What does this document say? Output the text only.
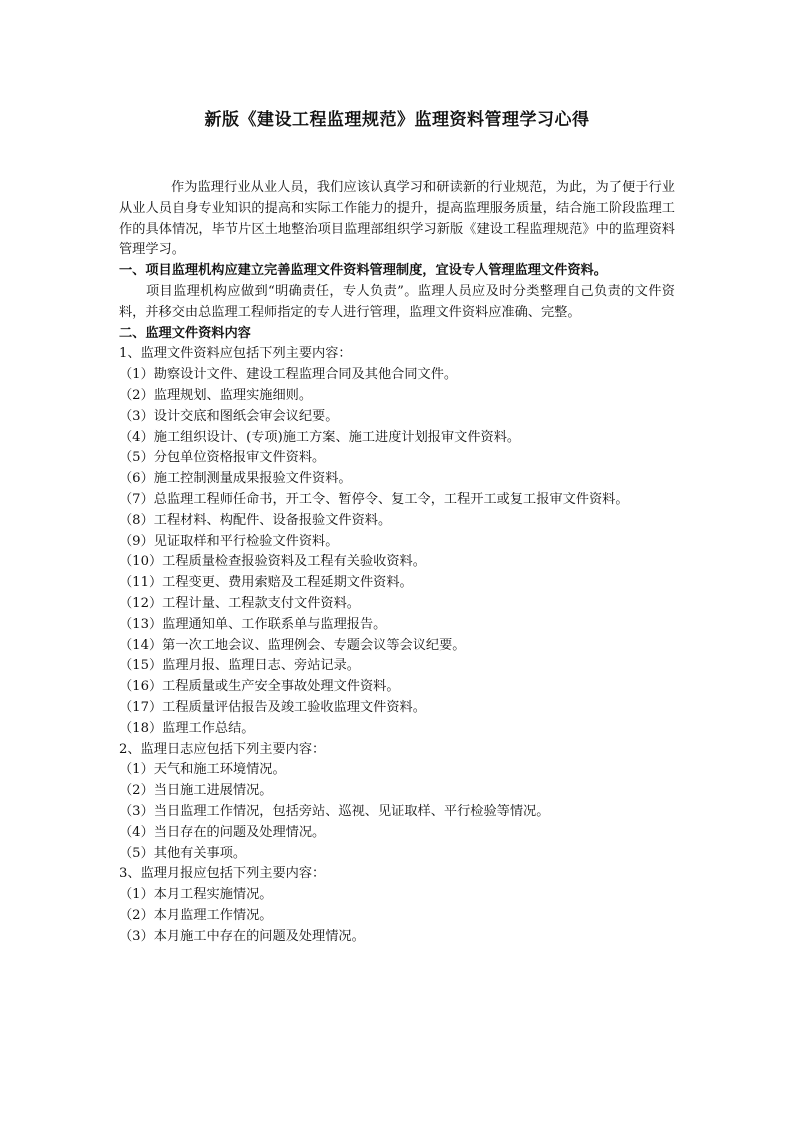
新版《建设工程监理规范》监理资料管理学习心得

作为监理行业从业人员，我们应该认真学习和研读新的行业规范，为此，为了便于行业从业人员自身专业知识的提高和实际工作能力的提升，提高监理服务质量，结合施工阶段监理工作的具体情况，毕节片区土地整治项目监理部组织学习新版《建设工程监理规范》中的监理资料管理学习。

一、项目监理机构应建立完善监理文件资料管理制度，宜设专人管理监理文件资料。

项目监理机构应做到“明确责任，专人负责”。监理人员应及时分类整理自己负责的文件资料，并移交由总监理工程师指定的专人进行管理，监理文件资料应准确、完整。

二、监理文件资料内容

1、监理文件资料应包括下列主要内容：

（1）勘察设计文件、建设工程监理合同及其他合同文件。

（2）监理规划、监理实施细则。

（3）设计交底和图纸会审会议纪要。

（4）施工组织设计、(专项)施工方案、施工进度计划报审文件资料。

（5）分包单位资格报审文件资料。

（6）施工控制测量成果报验文件资料。

（7）总监理工程师任命书，开工令、暂停令、复工令，工程开工或复工报审文件资料。

（8）工程材料、构配件、设备报验文件资料。

（9）见证取样和平行检验文件资料。

（10）工程质量检查报验资料及工程有关验收资料。

（11）工程变更、费用索赔及工程延期文件资料。

（12）工程计量、工程款支付文件资料。

（13）监理通知单、工作联系单与监理报告。

（14）第一次工地会议、监理例会、专题会议等会议纪要。

（15）监理月报、监理日志、旁站记录。

（16）工程质量或生产安全事故处理文件资料。

（17）工程质量评估报告及竣工验收监理文件资料。

（18）监理工作总结。

2、监理日志应包括下列主要内容：

（1）天气和施工环境情况。

（2）当日施工进展情况。

（3）当日监理工作情况，包括旁站、巡视、见证取样、平行检验等情况。

（4）当日存在的问题及处理情况。

（5）其他有关事项。

3、监理月报应包括下列主要内容：

（1）本月工程实施情况。

（2）本月监理工作情况。

（3）本月施工中存在的问题及处理情况。
